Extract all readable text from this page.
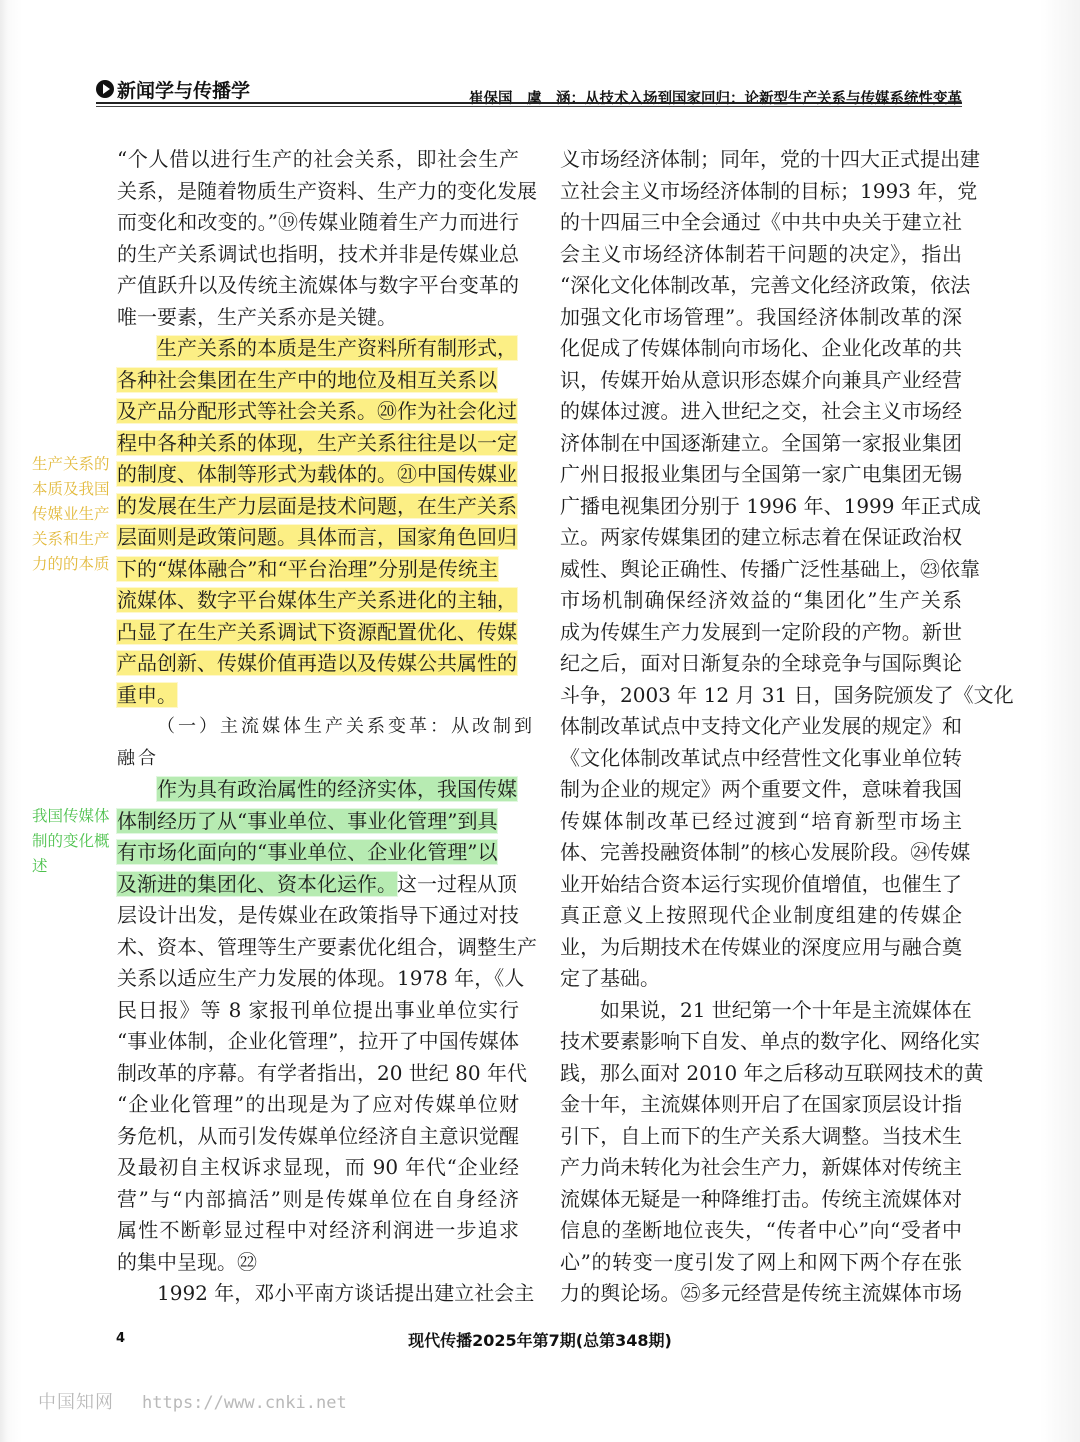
新闻学与传播学	崔保国　虞　涵：从技术入场到国家回归：论新型生产关系与传媒系统性变革
生产关系的本质及我国传媒业生产关系和生产力的的本质
我国传媒体制的变化概述
“个人借以进行生产的社会关系，即社会生产
关系，是随着物质生产资料、生产力的变化发展
而变化和改变的。”⑲传媒业随着生产力而进行
的生产关系调试也指明，技术并非是传媒业总
产值跃升以及传统主流媒体与数字平台变革的
唯一要素，生产关系亦是关键。
生产关系的本质是生产资料所有制形式，
各种社会集团在生产中的地位及相互关系以
及产品分配形式等社会关系。⑳作为社会化过
程中各种关系的体现，生产关系往往是以一定
的制度、体制等形式为载体的。㉑中国传媒业
的发展在生产力层面是技术问题，在生产关系
层面则是政策问题。具体而言，国家角色回归
下的“媒体融合”和“平台治理”分别是传统主
流媒体、数字平台媒体生产关系进化的主轴，
凸显了在生产关系调试下资源配置优化、传媒
产品创新、传媒价值再造以及传媒公共属性的
重申。
（一）主流媒体生产关系变革：从改制到
融合
作为具有政治属性的经济实体，我国传媒
体制经历了从“事业单位、事业化管理”到具
有市场化面向的“事业单位、企业化管理”以
及渐进的集团化、资本化运作。这一过程从顶
层设计出发，是传媒业在政策指导下通过对技
术、资本、管理等生产要素优化组合，调整生产
关系以适应生产力发展的体现。1978 年，《人
民日报》等 8 家报刊单位提出事业单位实行
“事业体制，企业化管理”，拉开了中国传媒体
制改革的序幕。有学者指出，20 世纪 80 年代
“企业化管理”的出现是为了应对传媒单位财
务危机，从而引发传媒单位经济自主意识觉醒
及最初自主权诉求显现，而 90 年代“企业经
营”与“内部搞活”则是传媒单位在自身经济
属性不断彰显过程中对经济利润进一步追求
的集中呈现。㉒
1992 年，邓小平南方谈话提出建立社会主
义市场经济体制；同年，党的十四大正式提出建
立社会主义市场经济体制的目标；1993 年，党
的十四届三中全会通过《中共中央关于建立社
会主义市场经济体制若干问题的决定》，指出
“深化文化体制改革，完善文化经济政策，依法
加强文化市场管理”。我国经济体制改革的深
化促成了传媒体制向市场化、企业化改革的共
识，传媒开始从意识形态媒介向兼具产业经营
的媒体过渡。进入世纪之交，社会主义市场经
济体制在中国逐渐建立。全国第一家报业集团
广州日报报业集团与全国第一家广电集团无锡
广播电视集团分别于 1996 年、1999 年正式成
立。两家传媒集团的建立标志着在保证政治权
威性、舆论正确性、传播广泛性基础上，㉓依靠
市场机制确保经济效益的“集团化”生产关系
成为传媒生产力发展到一定阶段的产物。新世
纪之后，面对日渐复杂的全球竞争与国际舆论
斗争，2003 年 12 月 31 日，国务院颁发了《文化
体制改革试点中支持文化产业发展的规定》和
《文化体制改革试点中经营性文化事业单位转
制为企业的规定》两个重要文件，意味着我国
传媒体制改革已经过渡到“培育新型市场主
体、完善投融资体制”的核心发展阶段。㉔传媒
业开始结合资本运行实现价值增值，也催生了
真正意义上按照现代企业制度组建的传媒企
业，为后期技术在传媒业的深度应用与融合奠
定了基础。
如果说，21 世纪第一个十年是主流媒体在
技术要素影响下自发、单点的数字化、网络化实
践，那么面对 2010 年之后移动互联网技术的黄
金十年，主流媒体则开启了在国家顶层设计指
引下，自上而下的生产关系大调整。当技术生
产力尚未转化为社会生产力，新媒体对传统主
流媒体无疑是一种降维打击。传统主流媒体对
信息的垄断地位丧失，“传者中心”向“受者中
心”的转变一度引发了网上和网下两个存在张
力的舆论场。㉕多元经营是传统主流媒体市场
4	现代传播2025年第7期(总第348期)
中国知网 https://www.cnki.net
